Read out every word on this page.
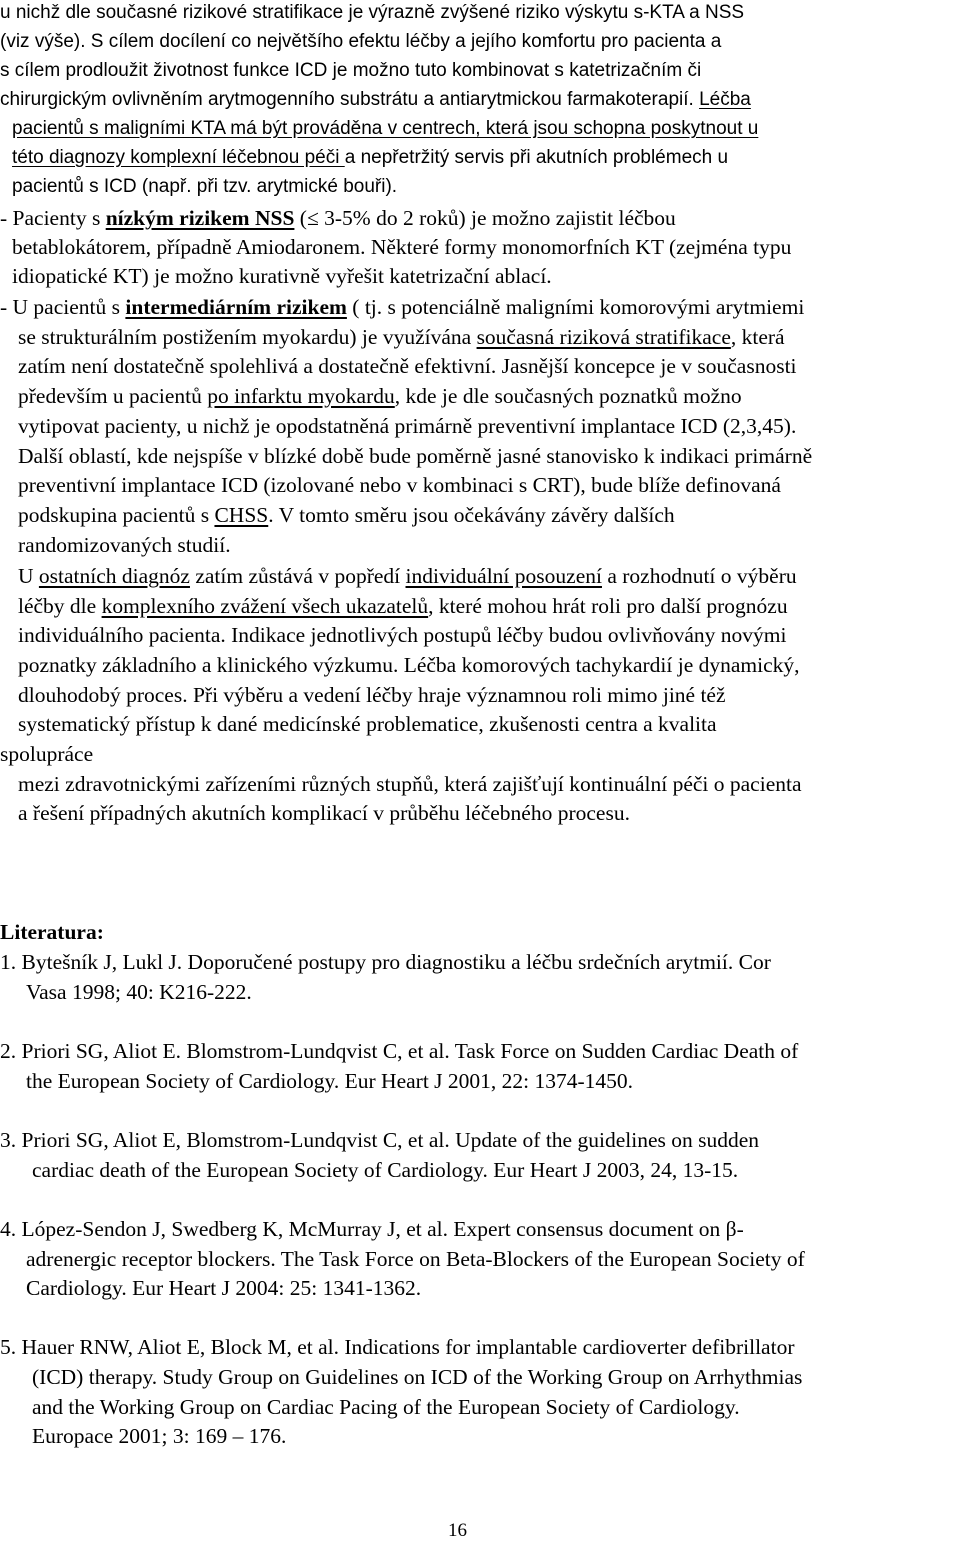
u nichž dle současné rizikové stratifikace je výrazně zvýšené riziko výskytu s-KTA a NSS
(viz výše). S cílem docílení co největšího efektu léčby a jejího komfortu pro pacienta a
s cílem prodloužit životnost funkce ICD je možno tuto kombinovat s katetrizačním či
chirurgickým ovlivněním arytmogenního substrátu a antiarytmickou farmakoterapií. Léčba
pacientů s maligními KTA má být prováděna v centrech, která jsou schopna poskytnout u
této diagnozy komplexní léčebnou péči a nepřetržitý servis při akutních problémech u
pacientů s ICD (např. při tzv. arytmické bouři).
- Pacienty s nízkým rizikem NSS (≤ 3-5% do 2 roků) je možno zajistit léčbou
betablokátorem, případně Amiodaronem. Některé formy monomorfních KT (zejména typu
idiopatické KT) je možno kurativně vyřešit katetrizační ablací.
- U pacientů s intermediárním rizikem ( tj. s potenciálně maligními komorovými arytmiemi
se strukturálním postižením myokardu) je využívána současná riziková stratifikace, která
zatím není dostatečně spolehlivá a dostatečně efektivní. Jasnější koncepce je v současnosti
především u pacientů po infarktu myokardu, kde je dle současných poznatků možno
vytipovat pacienty, u nichž je opodstatněná primárně preventivní implantace ICD (2,3,45).
Další oblastí, kde nejspíše v blízké době bude poměrně jasné stanovisko k indikaci primárně
preventivní implantace ICD (izolované nebo v kombinaci s CRT), bude blíže definovaná
podskupina pacientů s CHSS. V tomto směru jsou očekávány závěry dalších
randomizovaných studií.
U ostatních diagnóz zatím zůstává v popředí individuální posouzení a rozhodnutí o výběru
léčby dle komplexního zvážení všech ukazatelů, které mohou hrát roli pro další prognózu
individuálního pacienta. Indikace jednotlivých postupů léčby budou ovlivňovány novými
poznatky základního a klinického výzkumu. Léčba komorových tachykardií je dynamický,
dlouhodobý proces. Při výběru a vedení léčby hraje významnou roli mimo jiné též
systematický přístup k dané medicínské problematice, zkušenosti centra a kvalita
spolupráce
mezi zdravotnickými zařízeními různých stupňů, která zajišťují kontinuální péči o pacienta
a řešení případných akutních komplikací v průběhu léčebného procesu.
Literatura:
1. Bytešník J, Lukl J. Doporučené postupy pro diagnostiku a léčbu srdečních arytmií. Cor
Vasa 1998; 40: K216-222.
2. Priori SG, Aliot E. Blomstrom-Lundqvist C, et al. Task Force on Sudden Cardiac Death of
the European Society of Cardiology. Eur Heart J 2001, 22: 1374-1450.
3. Priori SG, Aliot E, Blomstrom-Lundqvist C, et al. Update of the guidelines on sudden
cardiac death of the European Society of Cardiology. Eur Heart J 2003, 24, 13-15.
4. López-Sendon J, Swedberg K, McMurray J, et al. Expert consensus document on β-
adrenergic receptor blockers. The Task Force on Beta-Blockers of the European Society of
Cardiology. Eur Heart J 2004: 25: 1341-1362.
5. Hauer RNW, Aliot E, Block M, et al. Indications for implantable cardioverter defibrillator
(ICD) therapy. Study Group on Guidelines on ICD of the Working Group on Arrhythmias
and the Working Group on Cardiac Pacing of the European Society of Cardiology.
Europace 2001; 3: 169 – 176.
16
